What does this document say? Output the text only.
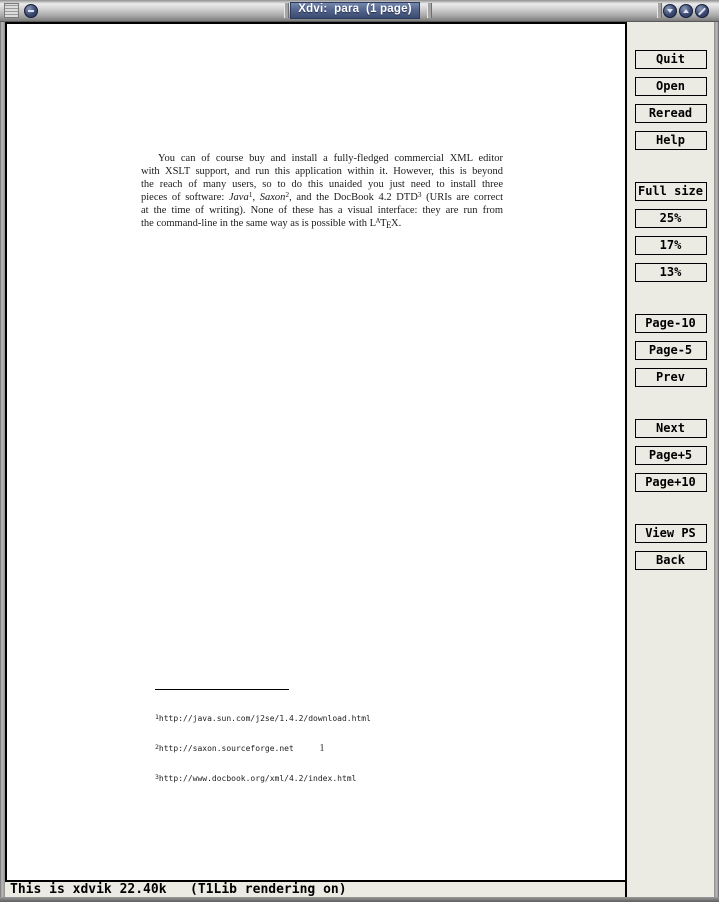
Xdvi:  para  (1 page)
You can of course buy and install a fully-fledged commercial XML editor
with XSLT support, and run this application within it. However, this is beyond
the reach of many users, so to do this unaided you just need to install three
pieces of software: Java$^1$, Saxon$^2$, and the DocBook 4.2 DTD$^3$ (URIs are correct
at the time of writing). None of these has a visual interface: they are run from
the command-line in the same way as is possible with $L^ATEX$.

$^1$http://java.sun.com/j2se/1.4.2/download.html

$^2$http://saxon.sourceforge.net

$^3$http://www.docbook.org/xml/4.2/index.html

1
This is xdvik 22.40k   (T1Lib rendering on)
Quit
Open
Reread
Help
Full size
25%
17%
13%
Page-10
Page-5
Prev
Next
Page+5
Page+10
View PS
Back
